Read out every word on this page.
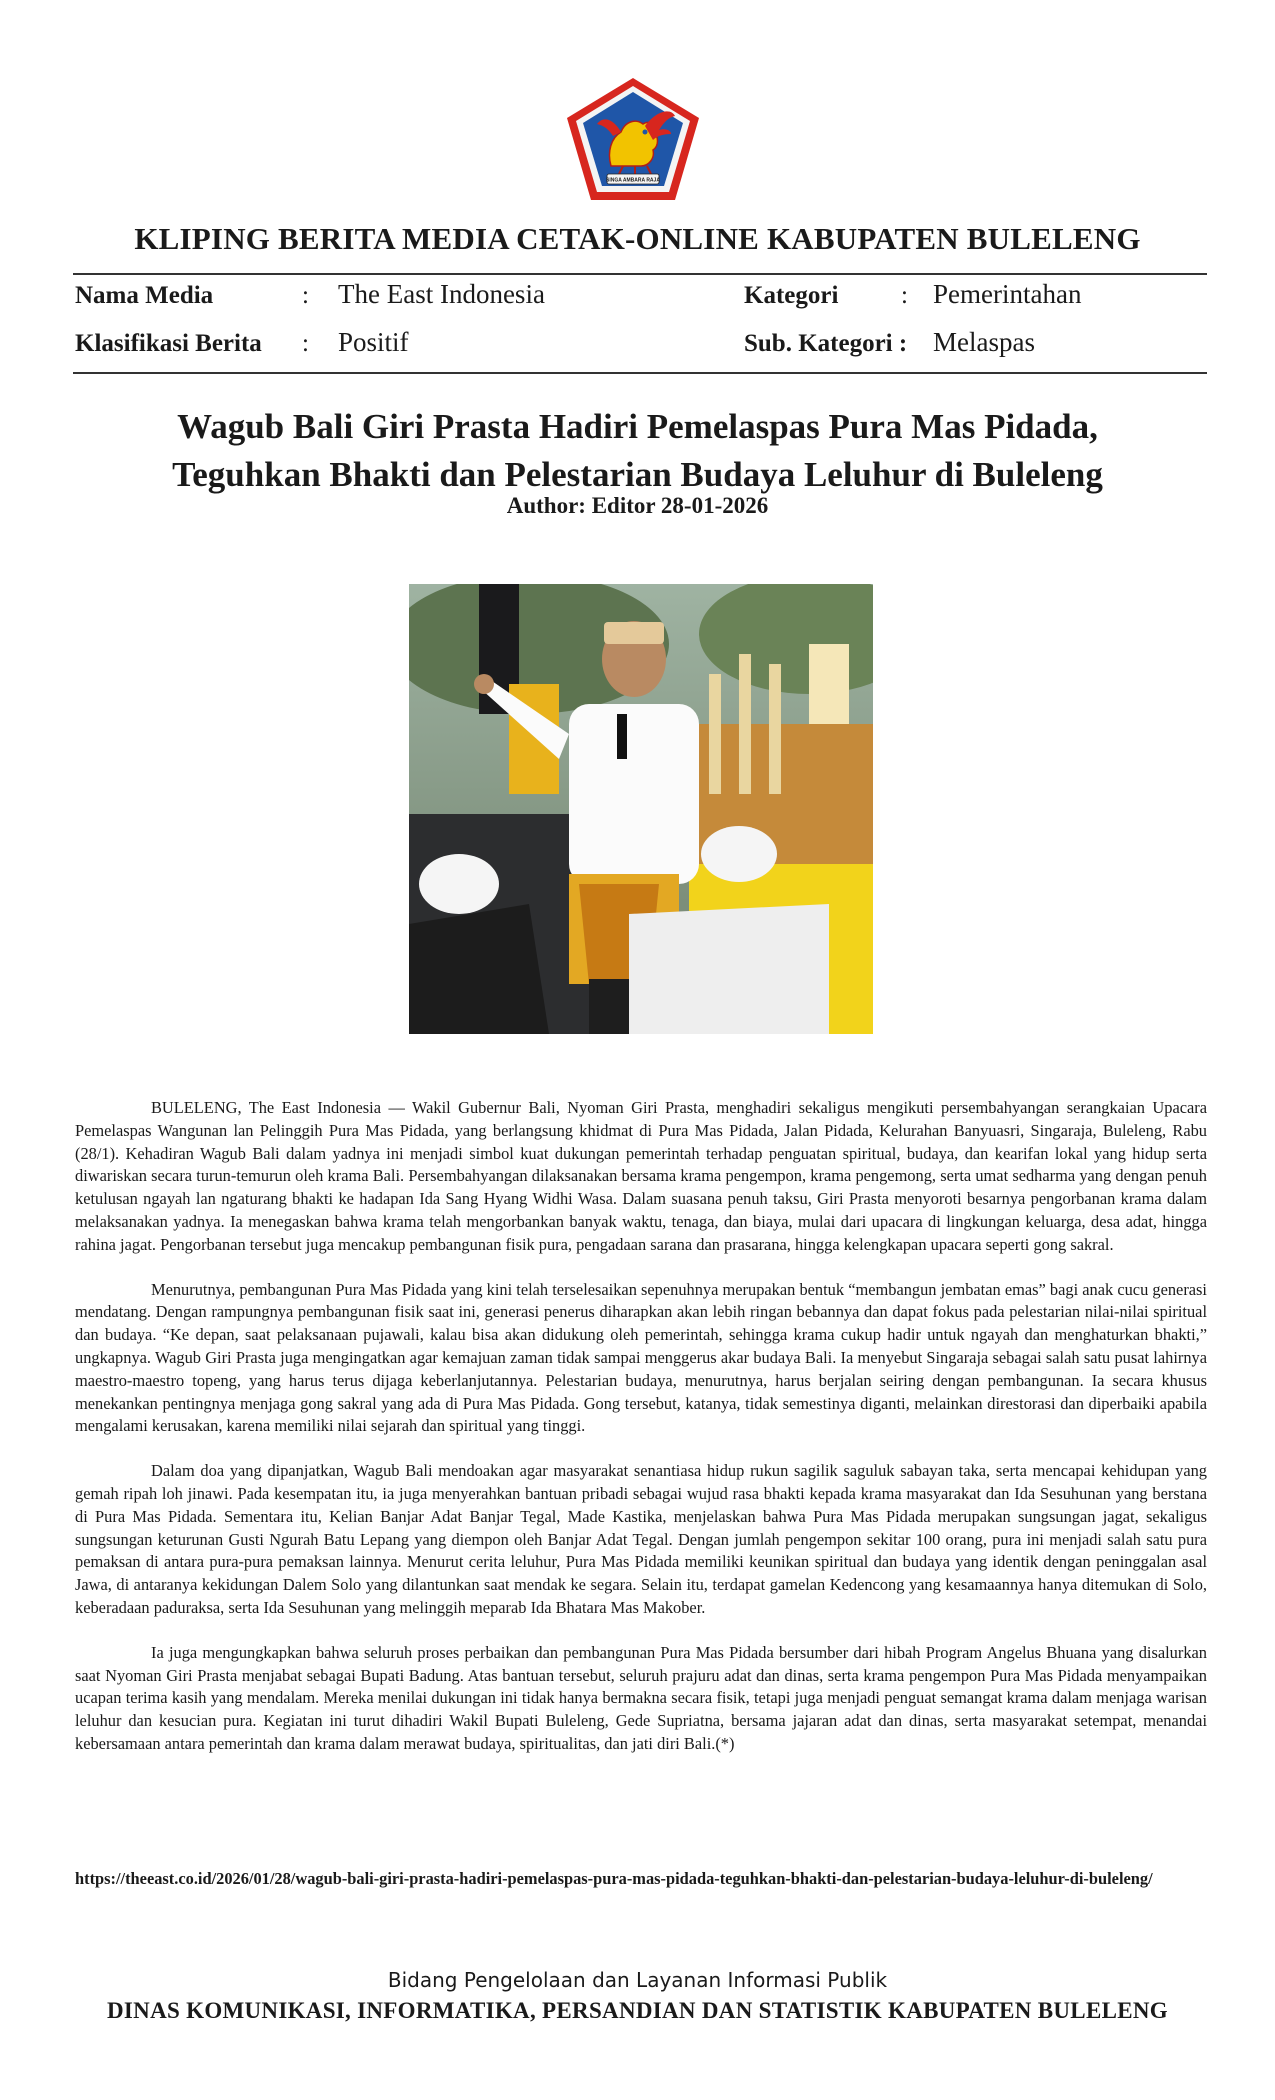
SINGA AMBARA RAJA
KLIPING BERITA MEDIA CETAK-ONLINE KABUPATEN BULELENG
Nama Media	: The East Indonesia	Kategori	: Pemerintahan
Klasifikasi Berita : Positif	Sub. Kategori : Melaspas
Wagub Bali Giri Prasta Hadiri Pemelaspas Pura Mas Pidada,
Teguhkan Bhakti dan Pelestarian Budaya Leluhur di Buleleng
Author: Editor 28-01-2026

BULELENG, The East Indonesia — Wakil Gubernur Bali, Nyoman Giri Prasta, menghadiri sekaligus mengikuti persembahyangan serangkaian Upacara Pemelaspas Wangunan lan Pelinggih Pura Mas Pidada, yang berlangsung khidmat di Pura Mas Pidada, Jalan Pidada, Kelurahan Banyuasri, Singaraja, Buleleng, Rabu (28/1). Kehadiran Wagub Bali dalam yadnya ini menjadi simbol kuat dukungan pemerintah terhadap penguatan spiritual, budaya, dan kearifan lokal yang hidup serta diwariskan secara turun-temurun oleh krama Bali. Persembahyangan dilaksanakan bersama krama pengempon, krama pengemong, serta umat sedharma yang dengan penuh ketulusan ngayah lan ngaturang bhakti ke hadapan Ida Sang Hyang Widhi Wasa. Dalam suasana penuh taksu, Giri Prasta menyoroti besarnya pengorbanan krama dalam melaksanakan yadnya. Ia menegaskan bahwa krama telah mengorbankan banyak waktu, tenaga, dan biaya, mulai dari upacara di lingkungan keluarga, desa adat, hingga rahina jagat. Pengorbanan tersebut juga mencakup pembangunan fisik pura, pengadaan sarana dan prasarana, hingga kelengkapan upacara seperti gong sakral.

Menurutnya, pembangunan Pura Mas Pidada yang kini telah terselesaikan sepenuhnya merupakan bentuk “membangun jembatan emas” bagi anak cucu generasi mendatang. Dengan rampungnya pembangunan fisik saat ini, generasi penerus diharapkan akan lebih ringan bebannya dan dapat fokus pada pelestarian nilai-nilai spiritual dan budaya. “Ke depan, saat pelaksanaan pujawali, kalau bisa akan didukung oleh pemerintah, sehingga krama cukup hadir untuk ngayah dan menghaturkan bhakti,” ungkapnya. Wagub Giri Prasta juga mengingatkan agar kemajuan zaman tidak sampai menggerus akar budaya Bali. Ia menyebut Singaraja sebagai salah satu pusat lahirnya maestro-maestro topeng, yang harus terus dijaga keberlanjutannya. Pelestarian budaya, menurutnya, harus berjalan seiring dengan pembangunan. Ia secara khusus menekankan pentingnya menjaga gong sakral yang ada di Pura Mas Pidada. Gong tersebut, katanya, tidak semestinya diganti, melainkan direstorasi dan diperbaiki apabila mengalami kerusakan, karena memiliki nilai sejarah dan spiritual yang tinggi.

Dalam doa yang dipanjatkan, Wagub Bali mendoakan agar masyarakat senantiasa hidup rukun sagilik saguluk sabayan taka, serta mencapai kehidupan yang gemah ripah loh jinawi. Pada kesempatan itu, ia juga menyerahkan bantuan pribadi sebagai wujud rasa bhakti kepada krama masyarakat dan Ida Sesuhunan yang berstana di Pura Mas Pidada. Sementara itu, Kelian Banjar Adat Banjar Tegal, Made Kastika, menjelaskan bahwa Pura Mas Pidada merupakan sungsungan jagat, sekaligus sungsungan keturunan Gusti Ngurah Batu Lepang yang diempon oleh Banjar Adat Tegal. Dengan jumlah pengempon sekitar 100 orang, pura ini menjadi salah satu pura pemaksan di antara pura-pura pemaksan lainnya. Menurut cerita leluhur, Pura Mas Pidada memiliki keunikan spiritual dan budaya yang identik dengan peninggalan asal Jawa, di antaranya kekidungan Dalem Solo yang dilantunkan saat mendak ke segara. Selain itu, terdapat gamelan Kedencong yang kesamaannya hanya ditemukan di Solo, keberadaan paduraksa, serta Ida Sesuhunan yang melinggih meparab Ida Bhatara Mas Makober.

Ia juga mengungkapkan bahwa seluruh proses perbaikan dan pembangunan Pura Mas Pidada bersumber dari hibah Program Angelus Bhuana yang disalurkan saat Nyoman Giri Prasta menjabat sebagai Bupati Badung. Atas bantuan tersebut, seluruh prajuru adat dan dinas, serta krama pengempon Pura Mas Pidada menyampaikan ucapan terima kasih yang mendalam. Mereka menilai dukungan ini tidak hanya bermakna secara fisik, tetapi juga menjadi penguat semangat krama dalam menjaga warisan leluhur dan kesucian pura. Kegiatan ini turut dihadiri Wakil Bupati Buleleng, Gede Supriatna, bersama jajaran adat dan dinas, serta masyarakat setempat, menandai kebersamaan antara pemerintah dan krama dalam merawat budaya, spiritualitas, dan jati diri Bali.(*)

https://theeast.co.id/2026/01/28/wagub-bali-giri-prasta-hadiri-pemelaspas-pura-mas-pidada-teguhkan-bhakti-dan-pelestarian-budaya-leluhur-di-buleleng/
Bidang Pengelolaan dan Layanan Informasi Publik
DINAS KOMUNIKASI, INFORMATIKA, PERSANDIAN DAN STATISTIK KABUPATEN BULELENG
